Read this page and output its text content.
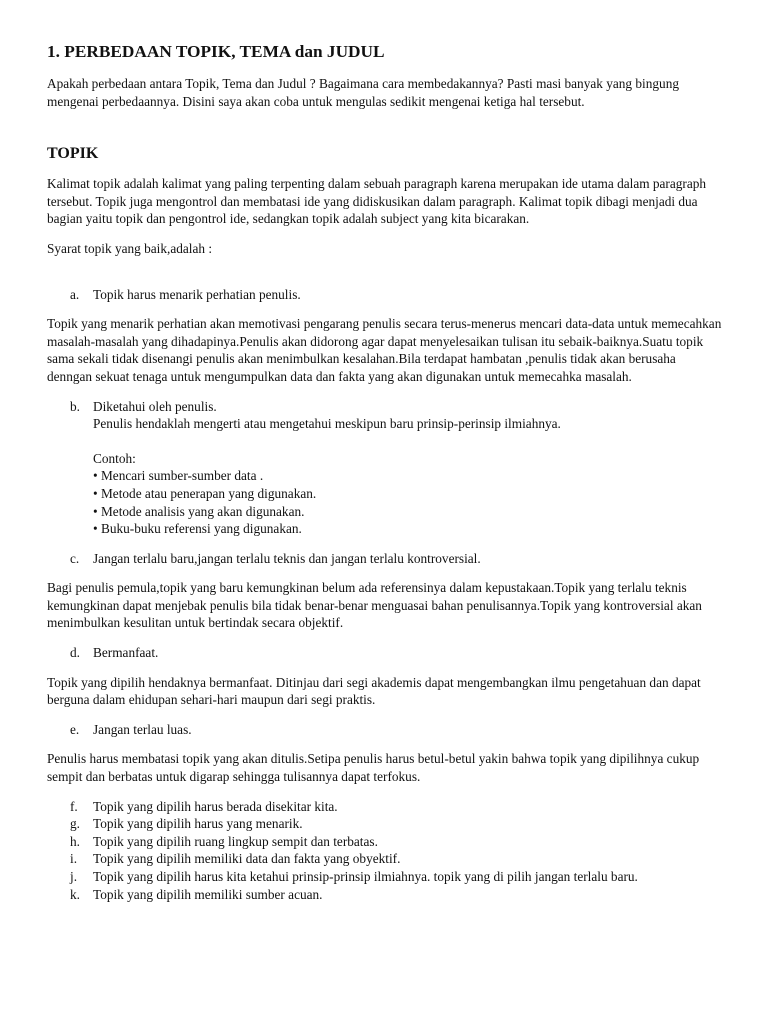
1. PERBEDAAN TOPIK, TEMA dan JUDUL

Apakah perbedaan antara Topik, Tema dan Judul ? Bagaimana cara membedakannya? Pasti masi banyak yang bingung mengenai perbedaannya. Disini saya akan coba untuk mengulas sedikit mengenai ketiga hal tersebut.

TOPIK

Kalimat topik adalah kalimat yang paling terpenting dalam sebuah paragraph karena merupakan ide utama dalam paragraph tersebut. Topik juga mengontrol dan membatasi ide yang didiskusikan dalam paragraph. Kalimat topik dibagi menjadi dua bagian yaitu topik dan pengontrol ide, sedangkan topik adalah subject yang kita bicarakan.

Syarat topik yang baik,adalah :

a. Topik harus menarik perhatian penulis.

Topik yang menarik perhatian akan memotivasi pengarang penulis secara terus-menerus mencari data-data untuk memecahkan masalah-masalah yang dihadapinya.Penulis akan didorong agar dapat menyelesaikan tulisan itu sebaik-baiknya.Suatu topik sama sekali tidak disenangi penulis akan menimbulkan kesalahan.Bila terdapat hambatan ,penulis tidak akan berusaha denngan sekuat tenaga untuk mengumpulkan data dan fakta yang akan digunakan untuk memecahka masalah.

b. Diketahui oleh penulis.
Penulis hendaklah mengerti atau mengetahui meskipun baru prinsip-perinsip ilmiahnya.
Contoh:
• Mencari sumber-sumber data .
• Metode atau penerapan yang digunakan.
• Metode analisis yang akan digunakan.
• Buku-buku referensi yang digunakan.
c. Jangan terlalu baru,jangan terlalu teknis dan jangan terlalu kontroversial.

Bagi penulis pemula,topik yang baru kemungkinan belum ada referensinya dalam kepustakaan.Topik yang terlalu teknis kemungkinan dapat menjebak penulis bila tidak benar-benar menguasai bahan penulisannya.Topik yang kontroversial akan menimbulkan kesulitan untuk bertindak secara objektif.

d. Bermanfaat.

Topik yang dipilih hendaknya bermanfaat. Ditinjau dari segi akademis dapat mengembangkan ilmu pengetahuan dan dapat berguna dalam ehidupan sehari-hari maupun dari segi praktis.

e. Jangan terlau luas.

Penulis harus membatasi topik yang akan ditulis.Setipa penulis harus betul-betul yakin bahwa topik yang dipilihnya cukup sempit dan berbatas untuk digarap sehingga tulisannya dapat terfokus.

f. Topik yang dipilih harus berada disekitar kita.
g. Topik yang dipilih harus yang menarik.
h. Topik yang dipilih ruang lingkup sempit dan terbatas.
i. Topik yang dipilih memiliki data dan fakta yang obyektif.
j. Topik yang dipilih harus kita ketahui prinsip-prinsip ilmiahnya. topik yang di pilih jangan terlalu baru.
k. Topik yang dipilih memiliki sumber acuan.
